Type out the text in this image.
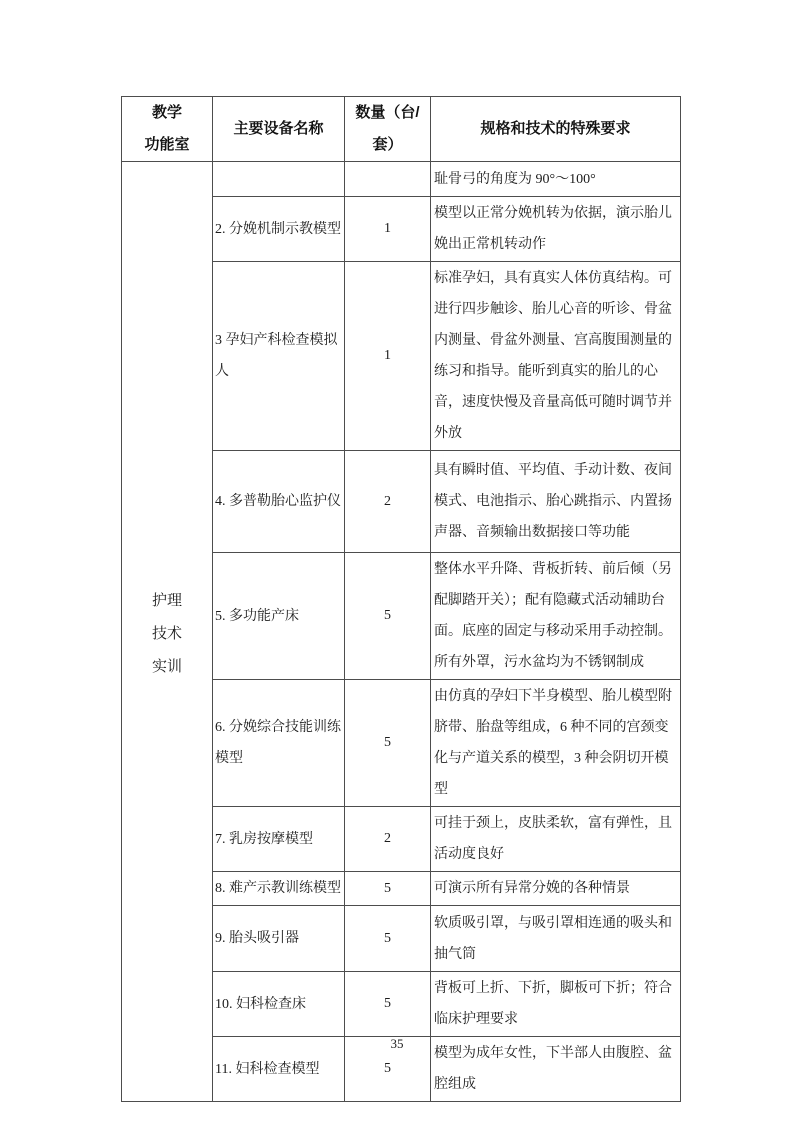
教学
功能室	主要设备名称	数量（台/套）	规格和技术的特殊要求

护理
技术
实训			耻骨弓的角度为 90°～100°
	2. 分娩机制示教模型	1	模型以正常分娩机转为依据，演示胎儿娩出正常机转动作
	3 孕妇产科检查模拟人	1	标准孕妇，具有真实人体仿真结构。可进行四步触诊、胎儿心音的听诊、骨盆内测量、骨盆外测量、宫高腹围测量的练习和指导。能听到真实的胎儿的心音，速度快慢及音量高低可随时调节并外放
	4. 多普勒胎心监护仪	2	具有瞬时值、平均值、手动计数、夜间模式、电池指示、胎心跳指示、内置扬声器、音频输出数据接口等功能
	5. 多功能产床	5	整体水平升降、背板折转、前后倾（另配脚踏开关）；配有隐藏式活动辅助台面。底座的固定与移动采用手动控制。所有外罩，污水盆均为不锈钢制成
	6. 分娩综合技能训练模型	5	由仿真的孕妇下半身模型、胎儿模型附脐带、胎盘等组成，6 种不同的宫颈变化与产道关系的模型，3 种会阴切开模型
	7. 乳房按摩模型	2	可挂于颈上，皮肤柔软，富有弹性，且活动度良好
	8. 难产示教训练模型	5	可演示所有异常分娩的各种情景
	9. 胎头吸引器	5	软质吸引罩，与吸引罩相连通的吸头和抽气筒
	10. 妇科检查床	5	背板可上折、下折，脚板可下折；符合临床护理要求
	11. 妇科检查模型	5	模型为成年女性，下半部人由腹腔、盆腔组成
35
